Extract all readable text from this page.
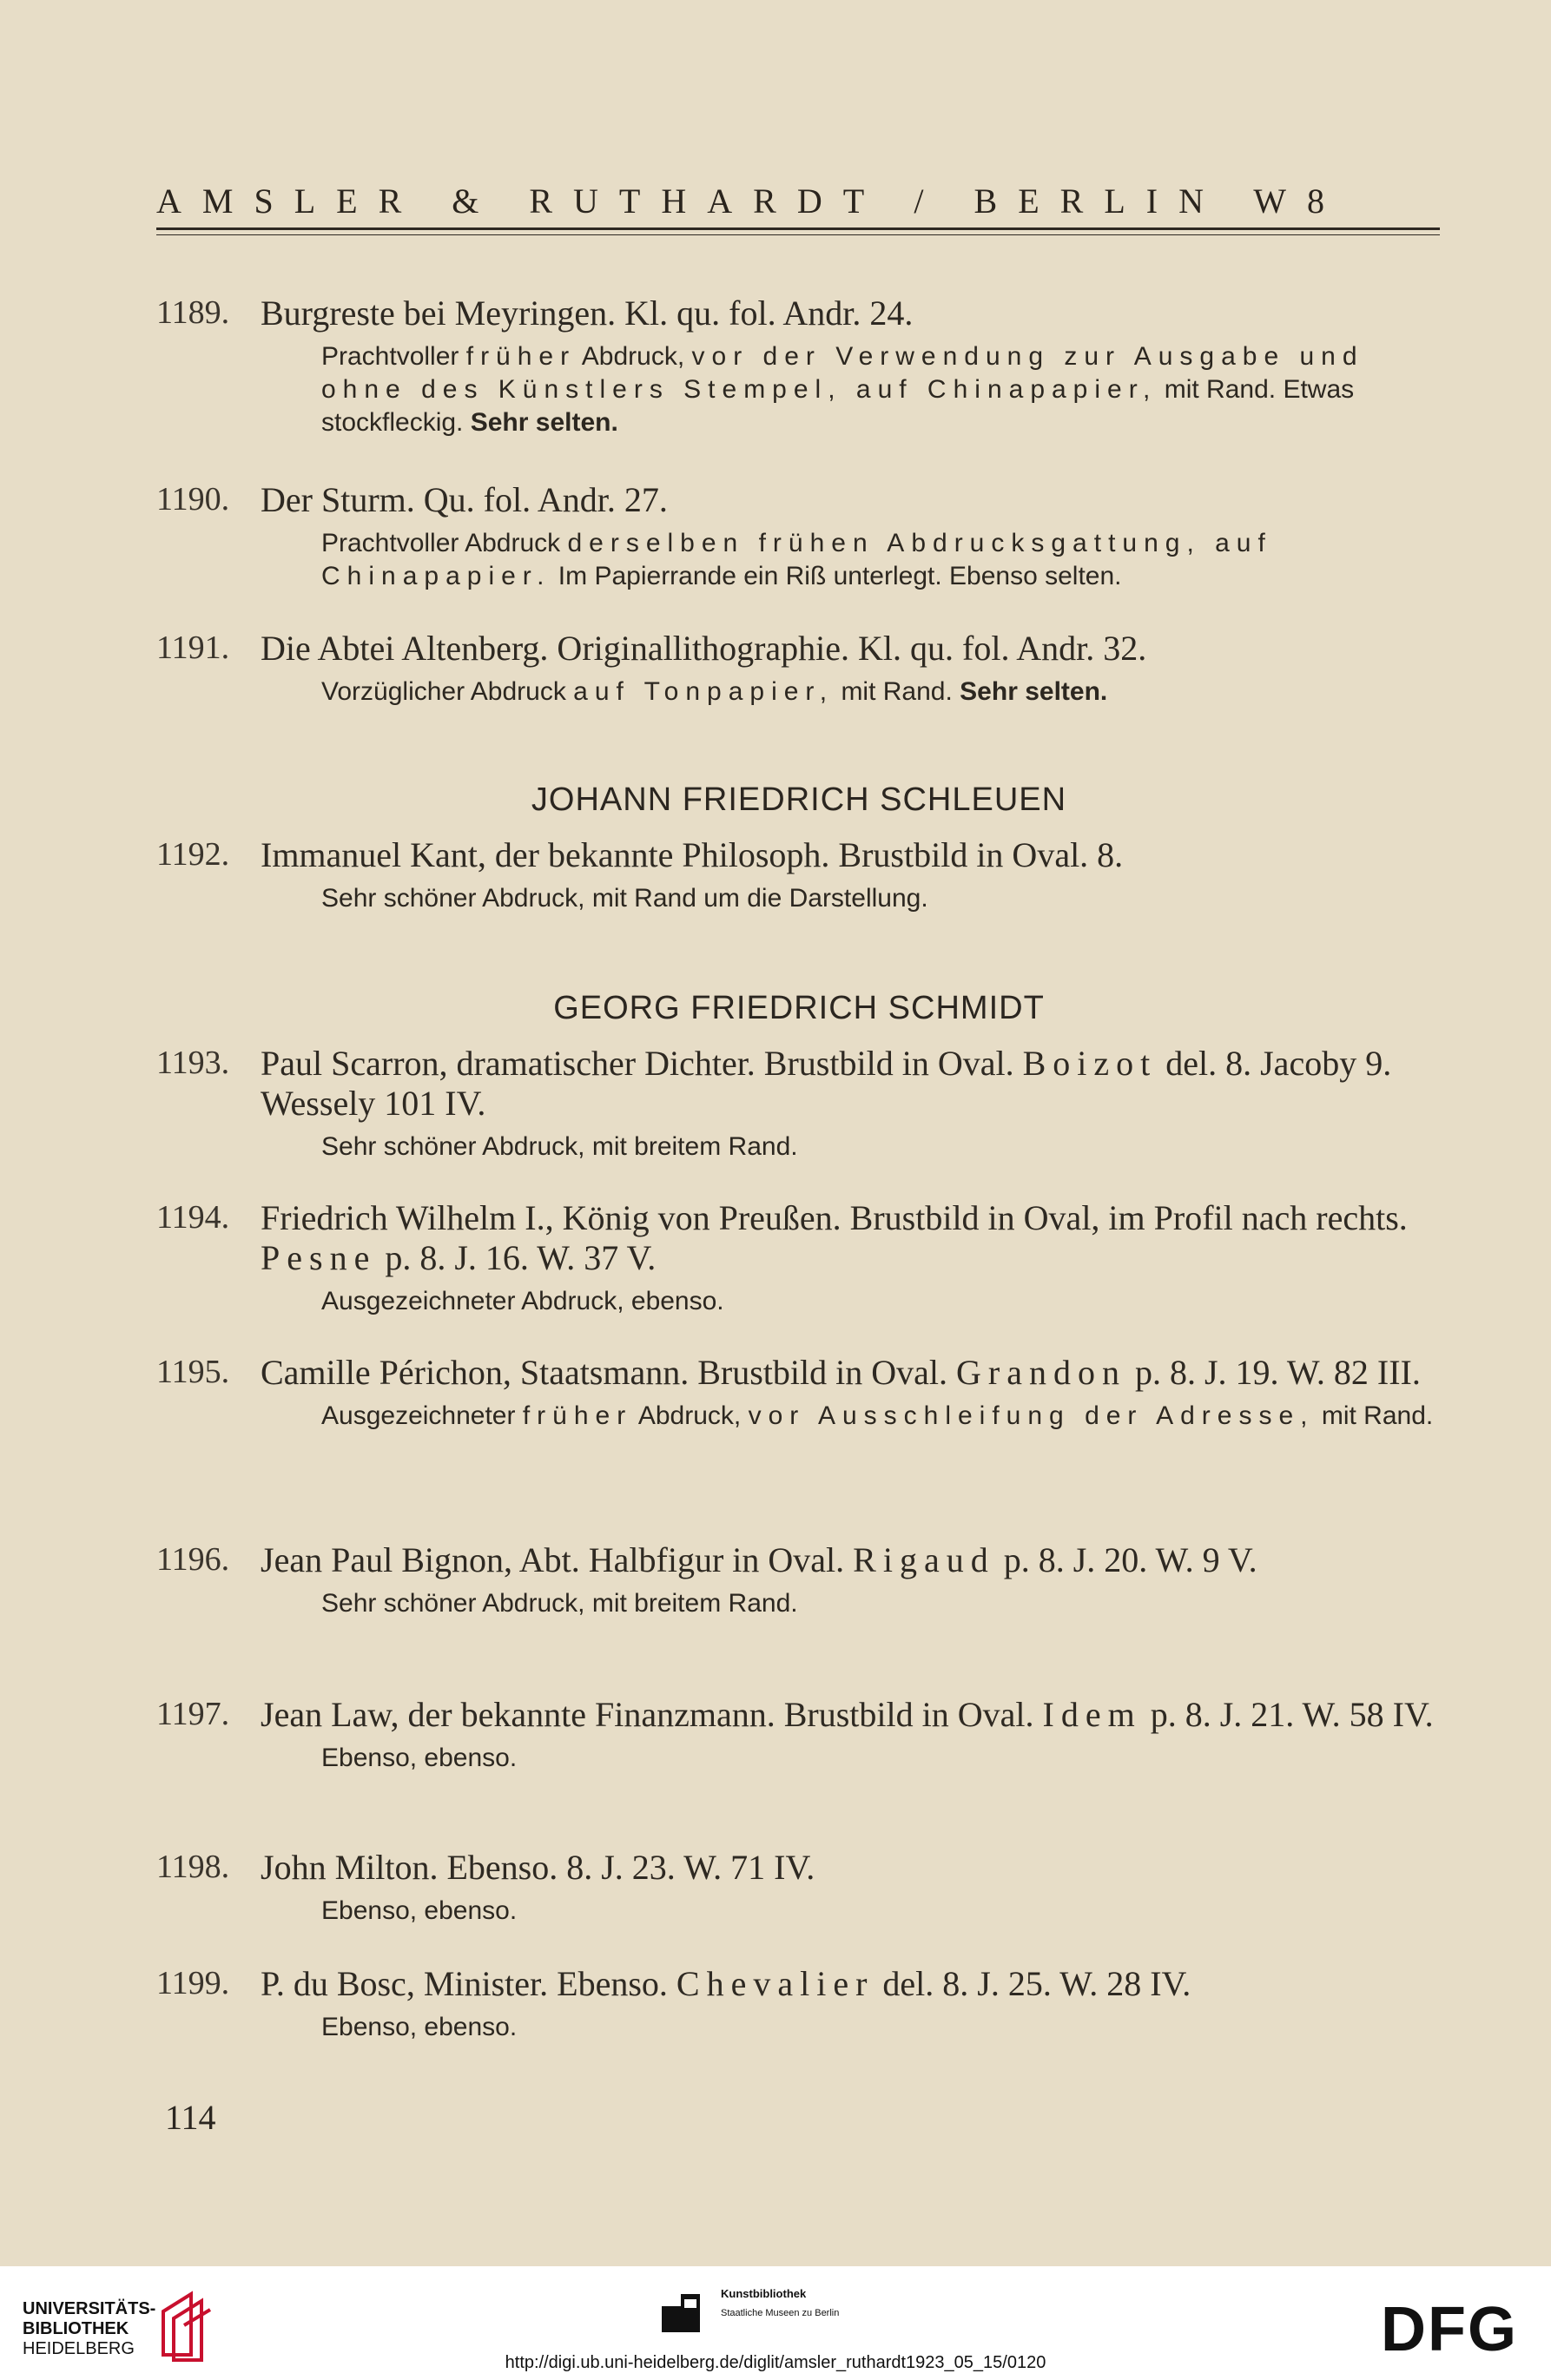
AMSLER & RUTHARDT / BERLIN W8
1189. Burgreste bei Meyringen. Kl. qu. fol. Andr. 24.
Prachtvoller früher Abdruck, vor der Verwendung zur Ausgabe und ohne des Künstlers Stempel, auf Chinapapier, mit Rand. Etwas stockfleckig. Sehr selten.
1190. Der Sturm. Qu. fol. Andr. 27.
Prachtvoller Abdruck derselben frühen Abdrucksgattung, auf Chinapapier. Im Papierrande ein Riß unterlegt. Ebenso selten.
1191. Die Abtei Altenberg. Originallithographie. Kl. qu. fol. Andr. 32.
Vorzüglicher Abdruck auf Tonpapier, mit Rand. Sehr selten.
JOHANN FRIEDRICH SCHLEUEN
1192. Immanuel Kant, der bekannte Philosoph. Brustbild in Oval. 8.
Sehr schöner Abdruck, mit Rand um die Darstellung.
GEORG FRIEDRICH SCHMIDT
1193. Paul Scarron, dramatischer Dichter. Brustbild in Oval. Boizot del. 8. Jacoby 9. Wessely 101 IV.
Sehr schöner Abdruck, mit breitem Rand.
1194. Friedrich Wilhelm I., König von Preußen. Brustbild in Oval, im Profil nach rechts. Pesne p. 8. J. 16. W. 37 V.
Ausgezeichneter Abdruck, ebenso.
1195. Camille Périchon, Staatsmann. Brustbild in Oval. Grandon p. 8. J. 19. W. 82 III.
Ausgezeichneter früher Abdruck, vor Ausschleifung der Adresse, mit Rand.
1196. Jean Paul Bignon, Abt. Halbfigur in Oval. Rigaud p. 8. J. 20. W. 9 V.
Sehr schöner Abdruck, mit breitem Rand.
1197. Jean Law, der bekannte Finanzmann. Brustbild in Oval. Idem p. 8. J. 21. W. 58 IV.
Ebenso, ebenso.
1198. John Milton. Ebenso. 8. J. 23. W. 71 IV.
Ebenso, ebenso.
1199. P. du Bosc, Minister. Ebenso. Chevalier del. 8. J. 25. W. 28 IV.
Ebenso, ebenso.
114
UNIVERSITÄTS-
BIBLIOTHEK
HEIDELBERG
Kunstbibliothek
Staatliche Museen zu Berlin	DFG
http://digi.ub.uni-heidelberg.de/diglit/amsler_ruthardt1923_05_15/0120
